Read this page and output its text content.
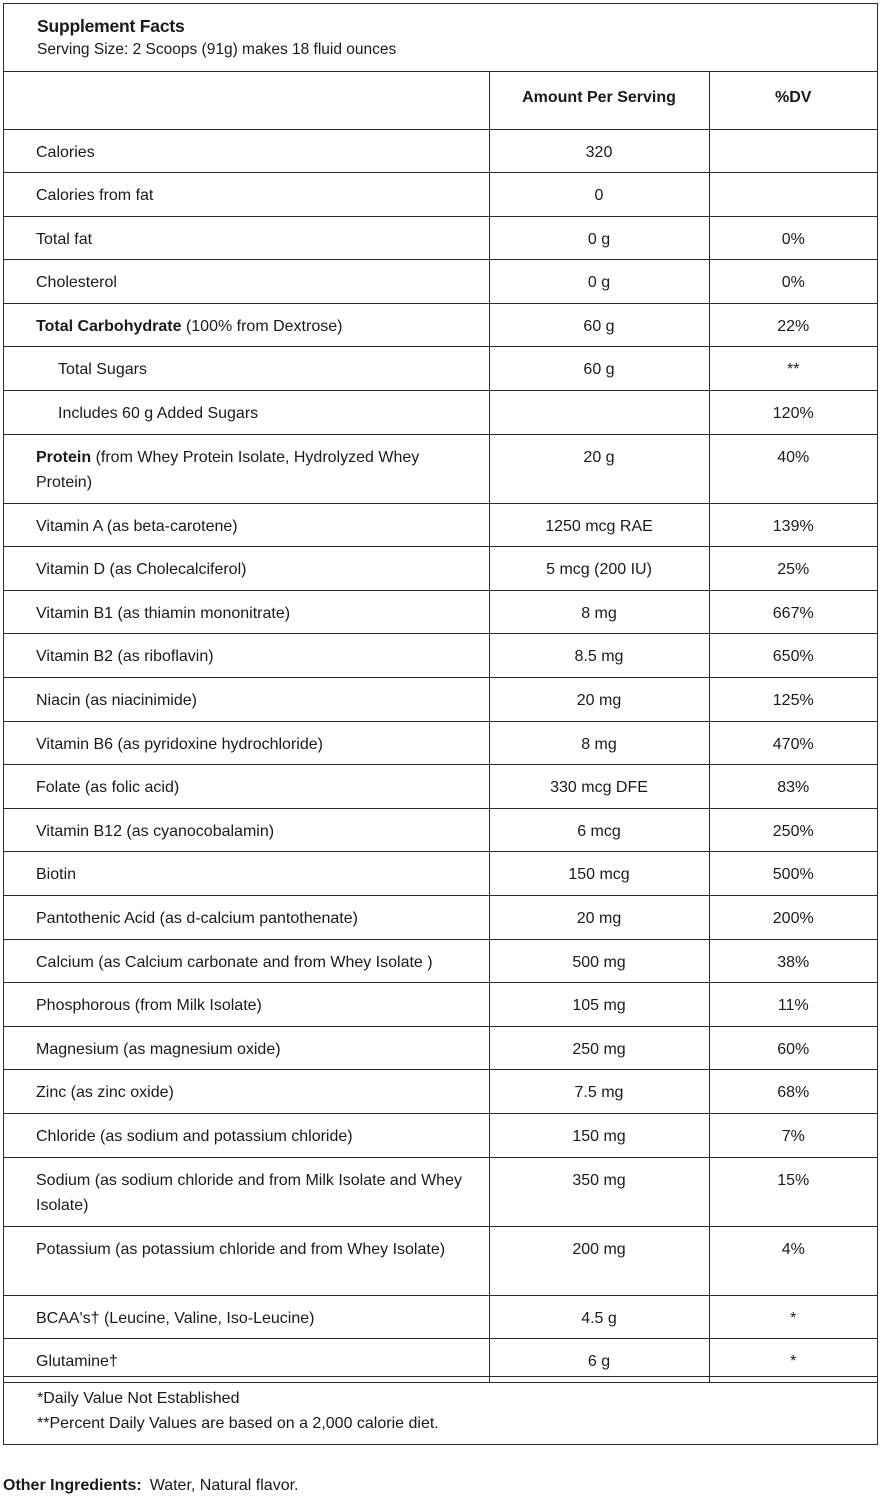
Supplement Facts
Serving Size: 2 Scoops (91g) makes 18 fluid ounces
	Amount Per Serving	%DV
Calories	320	
Calories from fat	0	
Total fat	0 g	0%
Cholesterol	0 g	0%
Total Carbohydrate (100% from Dextrose)	60 g	22%
Total Sugars	60 g	**
Includes 60 g Added Sugars		120%
Protein (from Whey Protein Isolate, Hydrolyzed Whey Protein)	20 g	40%
Vitamin A (as beta-carotene)	1250 mcg RAE	139%
Vitamin D (as Cholecalciferol)	5 mcg (200 IU)	25%
Vitamin B1 (as thiamin mononitrate)	8 mg	667%
Vitamin B2 (as riboflavin)	8.5 mg	650%
Niacin (as niacinimide)	20 mg	125%
Vitamin B6 (as pyridoxine hydrochloride)	8 mg	470%
Folate (as folic acid)	330 mcg DFE	83%
Vitamin B12 (as cyanocobalamin)	6 mcg	250%
Biotin	150 mcg	500%
Pantothenic Acid (as d-calcium pantothenate)	20 mg	200%
Calcium (as Calcium carbonate and from Whey Isolate )	500 mg	38%
Phosphorous (from Milk Isolate)	105 mg	11%
Magnesium (as magnesium oxide)	250 mg	60%
Zinc (as zinc oxide)	7.5 mg	68%
Chloride (as sodium and potassium chloride)	150 mg	7%
Sodium (as sodium chloride and from Milk Isolate and Whey Isolate)	350 mg	15%
Potassium (as potassium chloride and from Whey Isolate)	200 mg	4%
BCAA's† (Leucine, Valine, Iso-Leucine)	4.5 g	*
Glutamine†	6 g	*
*Daily Value Not Established
**Percent Daily Values are based on a 2,000 calorie diet.
Other Ingredients: Water, Natural flavor.
